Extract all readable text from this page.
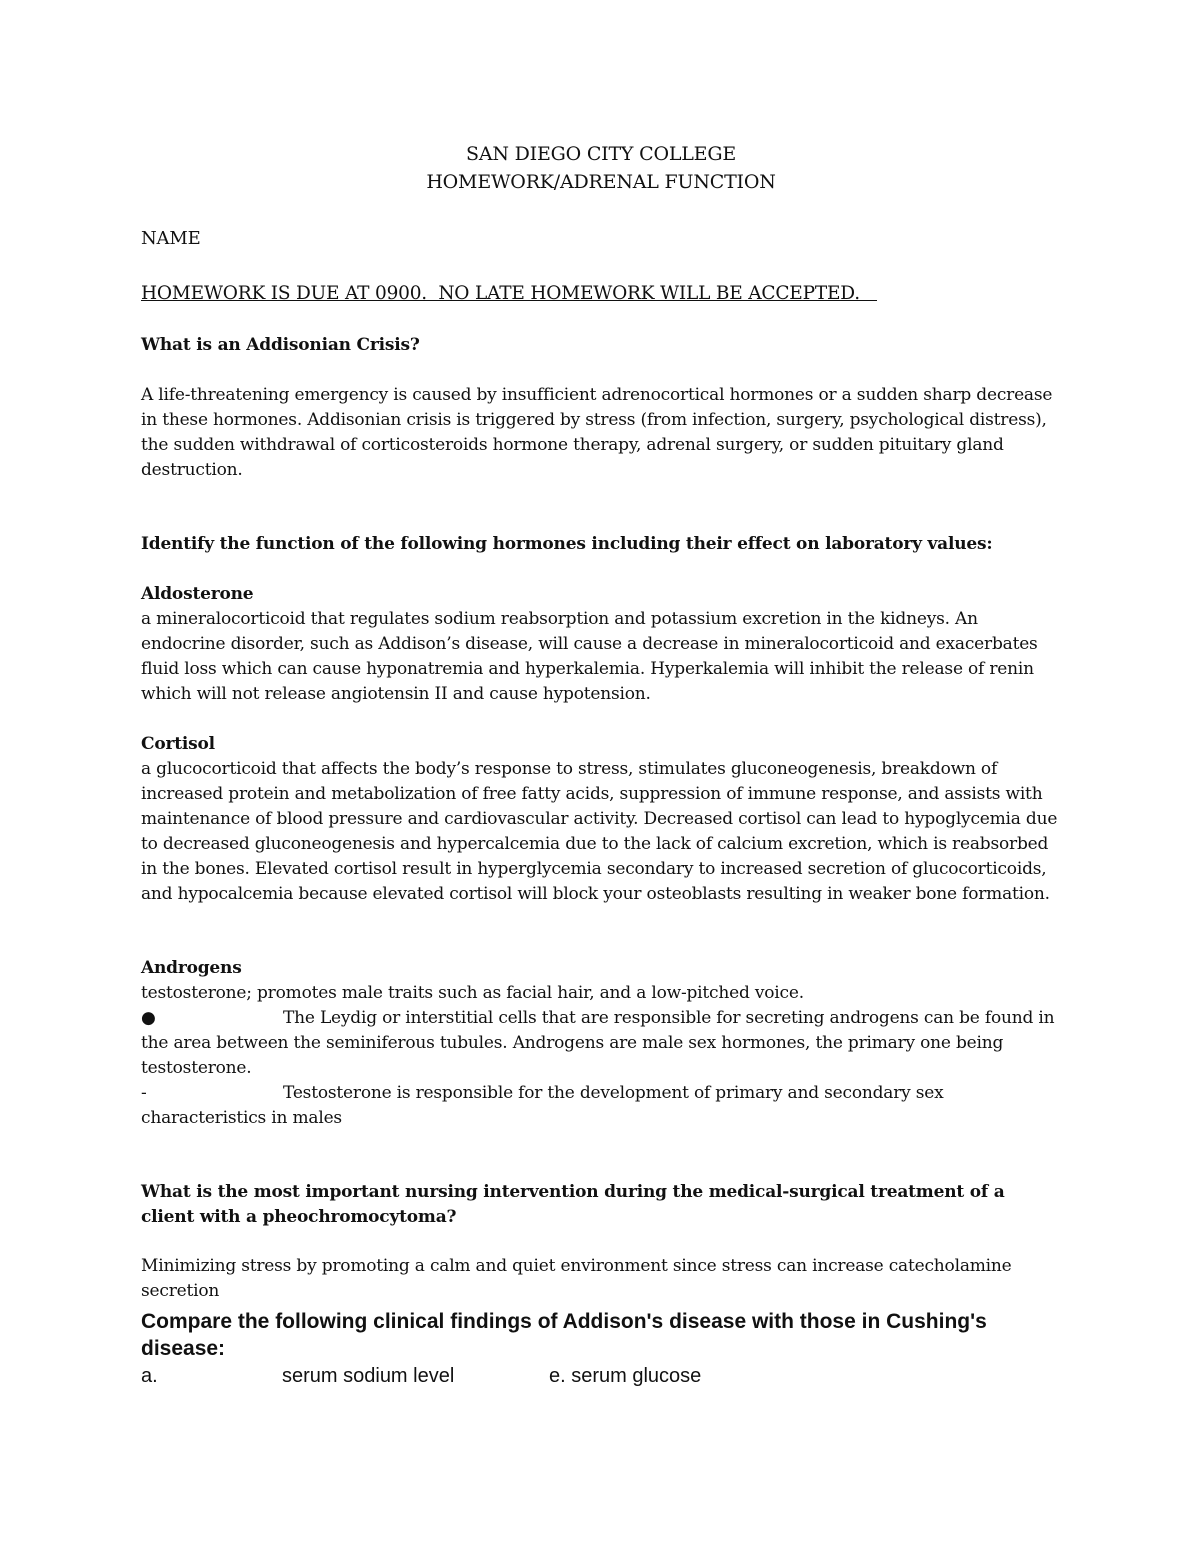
SAN DIEGO CITY COLLEGE

HOMEWORK/ADRENAL FUNCTION

NAME

HOMEWORK IS DUE AT 0900.  NO LATE HOMEWORK WILL BE ACCEPTED.

What is an Addisonian Crisis?

A life-threatening emergency is caused by insufficient adrenocortical hormones or a sudden sharp decrease in these hormones. Addisonian crisis is triggered by stress (from infection, surgery, psychological distress), the sudden withdrawal of corticosteroids hormone therapy, adrenal surgery, or sudden pituitary gland destruction.

Identify the function of the following hormones including their effect on laboratory values:

Aldosterone

a mineralocorticoid that regulates sodium reabsorption and potassium excretion in the kidneys. An endocrine disorder, such as Addison’s disease, will cause a decrease in mineralocorticoid and exacerbates fluid loss which can cause hyponatremia and hyperkalemia. Hyperkalemia will inhibit the release of renin which will not release angiotensin II and cause hypotension.

Cortisol

a glucocorticoid that affects the body’s response to stress, stimulates gluconeogenesis, breakdown of increased protein and metabolization of free fatty acids, suppression of immune response, and assists with maintenance of blood pressure and cardiovascular activity. Decreased cortisol can lead to hypoglycemia due to decreased gluconeogenesis and hypercalcemia due to the lack of calcium excretion, which is reabsorbed in the bones. Elevated cortisol result in hyperglycemia secondary to increased secretion of glucocorticoids, and hypocalcemia because elevated cortisol will block your osteoblasts resulting in weaker bone formation.

Androgens

testosterone; promotes male traits such as facial hair, and a low-pitched voice.

●	The Leydig or interstitial cells that are responsible for secreting androgens can be found in the area between the seminiferous tubules. Androgens are male sex hormones, the primary one being testosterone.

-	Testosterone is responsible for the development of primary and secondary sex characteristics in males

What is the most important nursing intervention during the medical-surgical treatment of a client with a pheochromocytoma?

Minimizing stress by promoting a calm and quiet environment since stress can increase catecholamine secretion

Compare the following clinical findings of Addison's disease with those in Cushing's disease:

a.	serum sodium level	e. serum glucose
